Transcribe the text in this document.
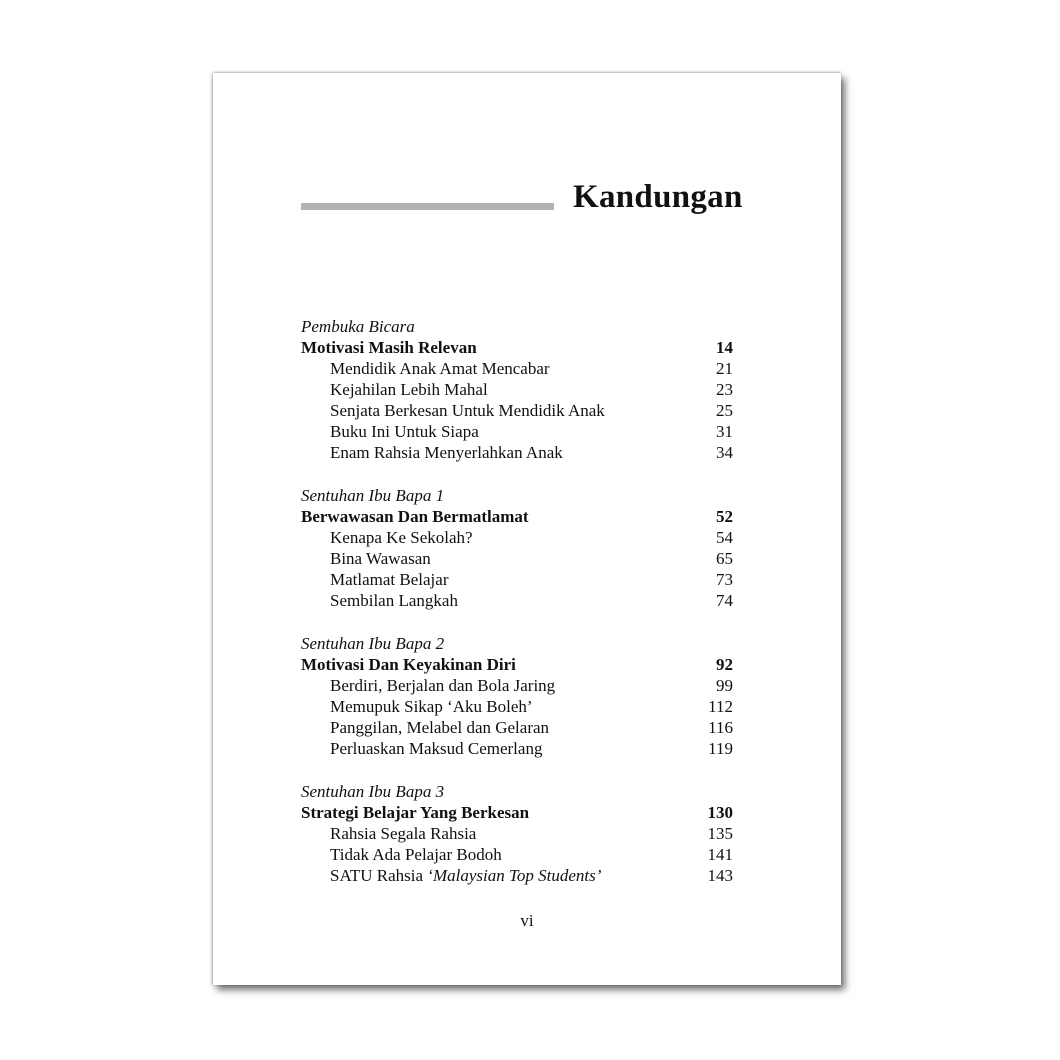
Kandungan
Pembuka Bicara
Motivasi Masih Relevan	14
Mendidik Anak Amat Mencabar	21
Kejahilan Lebih Mahal	23
Senjata Berkesan Untuk Mendidik Anak	25
Buku Ini Untuk Siapa	31
Enam Rahsia Menyerlahkan Anak	34
Sentuhan Ibu Bapa 1
Berwawasan Dan Bermatlamat	52
Kenapa Ke Sekolah?	54
Bina Wawasan	65
Matlamat Belajar	73
Sembilan Langkah	74
Sentuhan Ibu Bapa 2
Motivasi Dan Keyakinan Diri	92
Berdiri, Berjalan dan Bola Jaring	99
Memupuk Sikap ‘Aku Boleh’	112
Panggilan, Melabel dan Gelaran	116
Perluaskan Maksud Cemerlang	119
Sentuhan Ibu Bapa 3
Strategi Belajar Yang Berkesan	130
Rahsia Segala Rahsia	135
Tidak Ada Pelajar Bodoh	141
SATU Rahsia ‘Malaysian Top Students’	143
vi
